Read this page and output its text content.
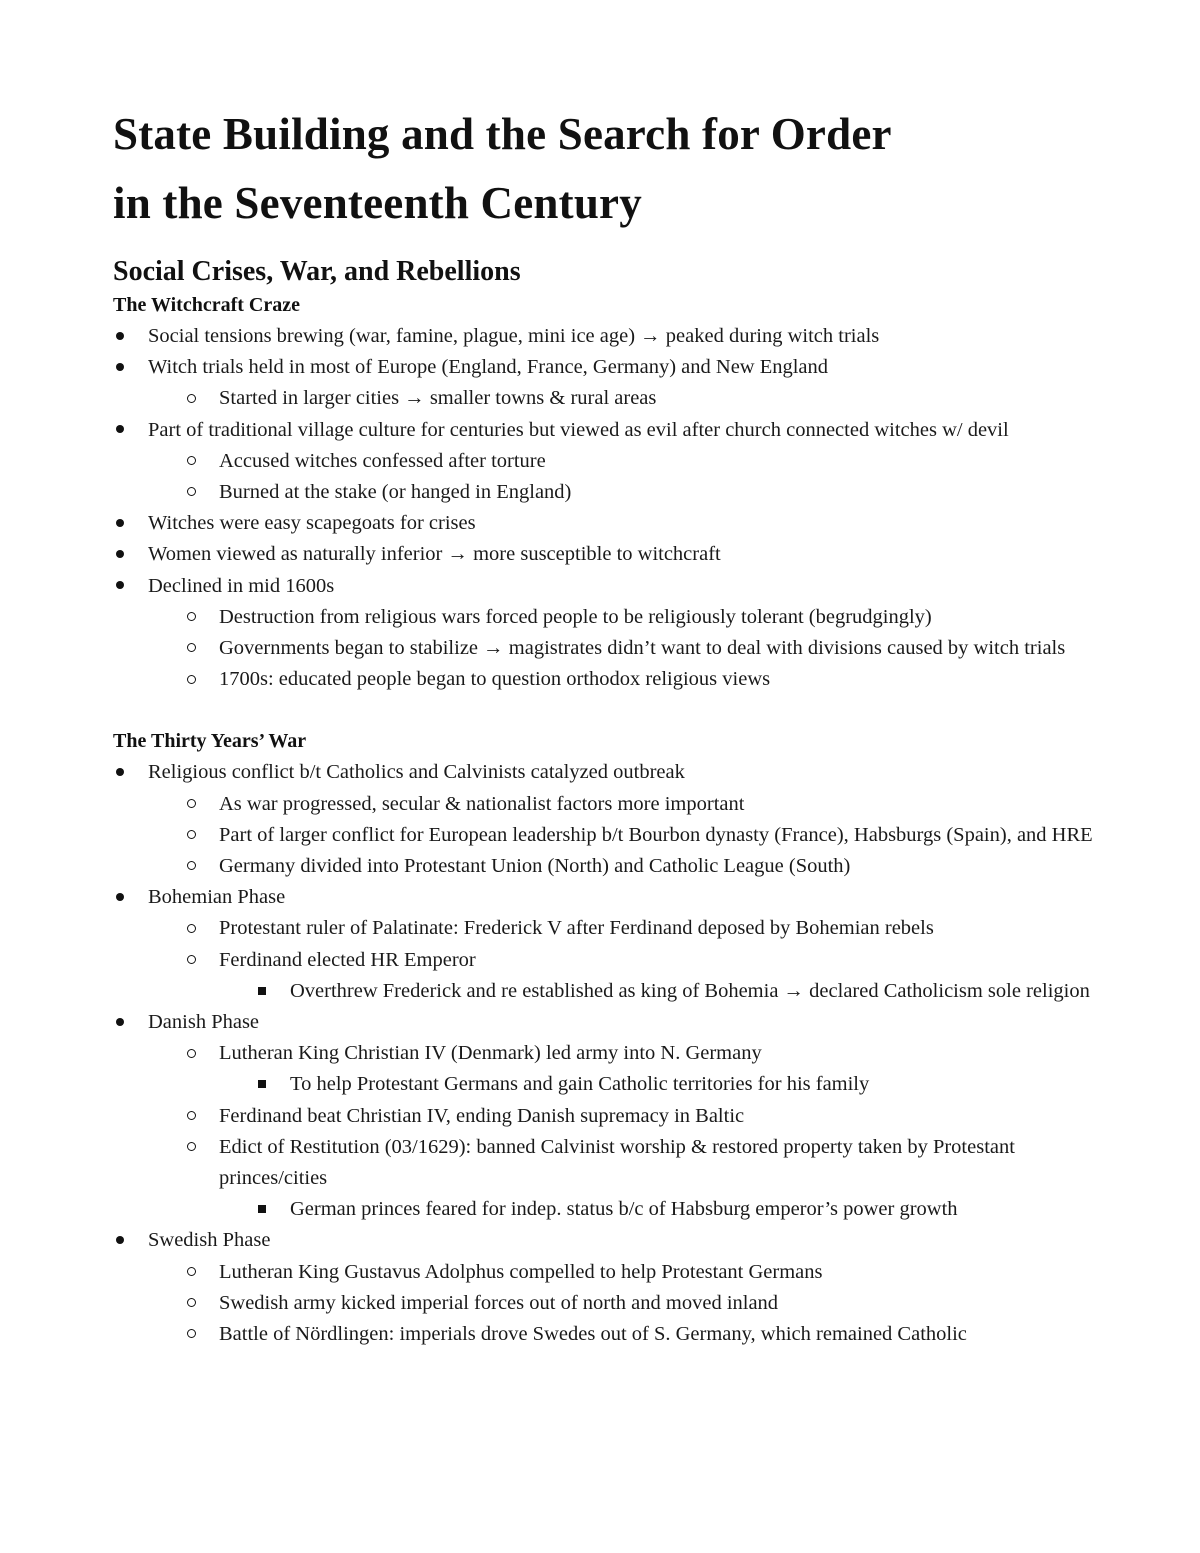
State Building and the Search for Order
in the Seventeenth Century
Social Crises, War, and Rebellions
The Witchcraft Craze
Social tensions brewing (war, famine, plague, mini ice age) → peaked during witch trials
Witch trials held in most of Europe (England, France, Germany) and New England
Started in larger cities → smaller towns & rural areas
Part of traditional village culture for centuries but viewed as evil after church connected witches w/ devil
Accused witches confessed after torture
Burned at the stake (or hanged in England)
Witches were easy scapegoats for crises
Women viewed as naturally inferior → more susceptible to witchcraft
Declined in mid 1600s
Destruction from religious wars forced people to be religiously tolerant (begrudgingly)
Governments began to stabilize → magistrates didn’t want to deal with divisions caused by witch trials
1700s: educated people began to question orthodox religious views
The Thirty Years’ War
Religious conflict b/t Catholics and Calvinists catalyzed outbreak
As war progressed, secular & nationalist factors more important
Part of larger conflict for European leadership b/t Bourbon dynasty (France), Habsburgs (Spain), and HRE
Germany divided into Protestant Union (North) and Catholic League (South)
Bohemian Phase
Protestant ruler of Palatinate: Frederick V after Ferdinand deposed by Bohemian rebels
Ferdinand elected HR Emperor
Overthrew Frederick and re established as king of Bohemia → declared Catholicism sole religion
Danish Phase
Lutheran King Christian IV (Denmark) led army into N. Germany
To help Protestant Germans and gain Catholic territories for his family
Ferdinand beat Christian IV, ending Danish supremacy in Baltic
Edict of Restitution (03/1629): banned Calvinist worship & restored property taken by Protestant princes/cities
German princes feared for indep. status b/c of Habsburg emperor’s power growth
Swedish Phase
Lutheran King Gustavus Adolphus compelled to help Protestant Germans
Swedish army kicked imperial forces out of north and moved inland
Battle of Nördlingen: imperials drove Swedes out of S. Germany, which remained Catholic
